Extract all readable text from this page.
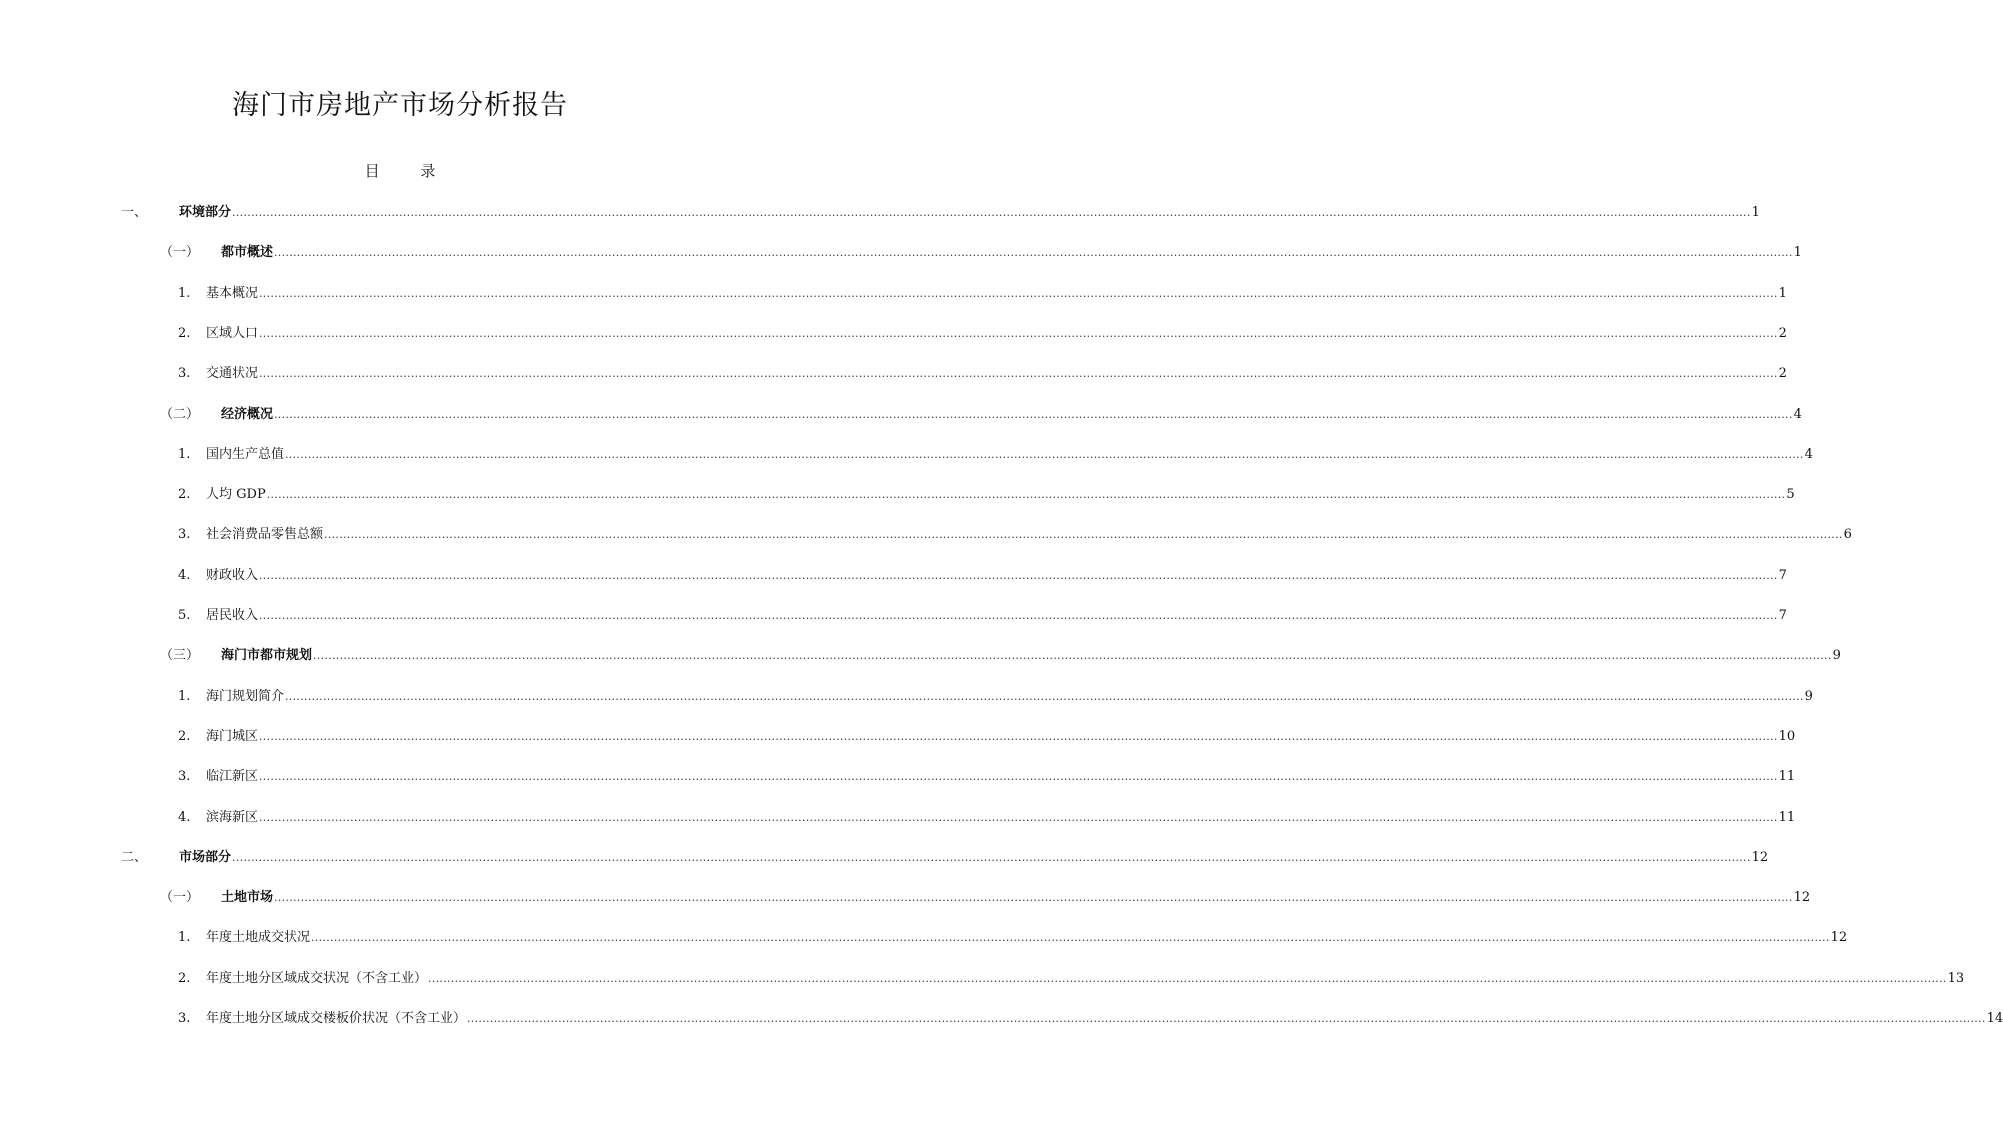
海门市房地产市场分析报告
目 录
一、 环境部分 ................................................................................................................................................................................................................................................................................................................................................................................................................ 1
（一） 都市概述 ................................................................................................................................................................................................................................................................................................................................................................................................................ 1
1. 基本概况 ................................................................................................................................................................................................................................................................................................................................................................................................................ 1
2. 区域人口 ................................................................................................................................................................................................................................................................................................................................................................................................................ 2
3. 交通状况 ................................................................................................................................................................................................................................................................................................................................................................................................................ 2
（二） 经济概况 ................................................................................................................................................................................................................................................................................................................................................................................................................ 4
1. 国内生产总值 ................................................................................................................................................................................................................................................................................................................................................................................................................ 4
2. 人均 GDP ................................................................................................................................................................................................................................................................................................................................................................................................................ 5
3. 社会消费品零售总额 ................................................................................................................................................................................................................................................................................................................................................................................................................ 6
4. 财政收入 ................................................................................................................................................................................................................................................................................................................................................................................................................ 7
5. 居民收入 ................................................................................................................................................................................................................................................................................................................................................................................................................ 7
（三） 海门市都市规划 ................................................................................................................................................................................................................................................................................................................................................................................................................ 9
1. 海门规划简介 ................................................................................................................................................................................................................................................................................................................................................................................................................ 9
2. 海门城区 ................................................................................................................................................................................................................................................................................................................................................................................................................ 10
3. 临江新区 ................................................................................................................................................................................................................................................................................................................................................................................................................ 11
4. 滨海新区 ................................................................................................................................................................................................................................................................................................................................................................................................................ 11
二、 市场部分 ................................................................................................................................................................................................................................................................................................................................................................................................................ 12
（一） 土地市场 ................................................................................................................................................................................................................................................................................................................................................................................................................ 12
1. 年度土地成交状况 ................................................................................................................................................................................................................................................................................................................................................................................................................ 12
2. 年度土地分区域成交状况（不含工业） ................................................................................................................................................................................................................................................................................................................................................................................................................ 13
3. 年度土地分区域成交楼板价状况（不含工业） ................................................................................................................................................................................................................................................................................................................................................................................................................ 14
